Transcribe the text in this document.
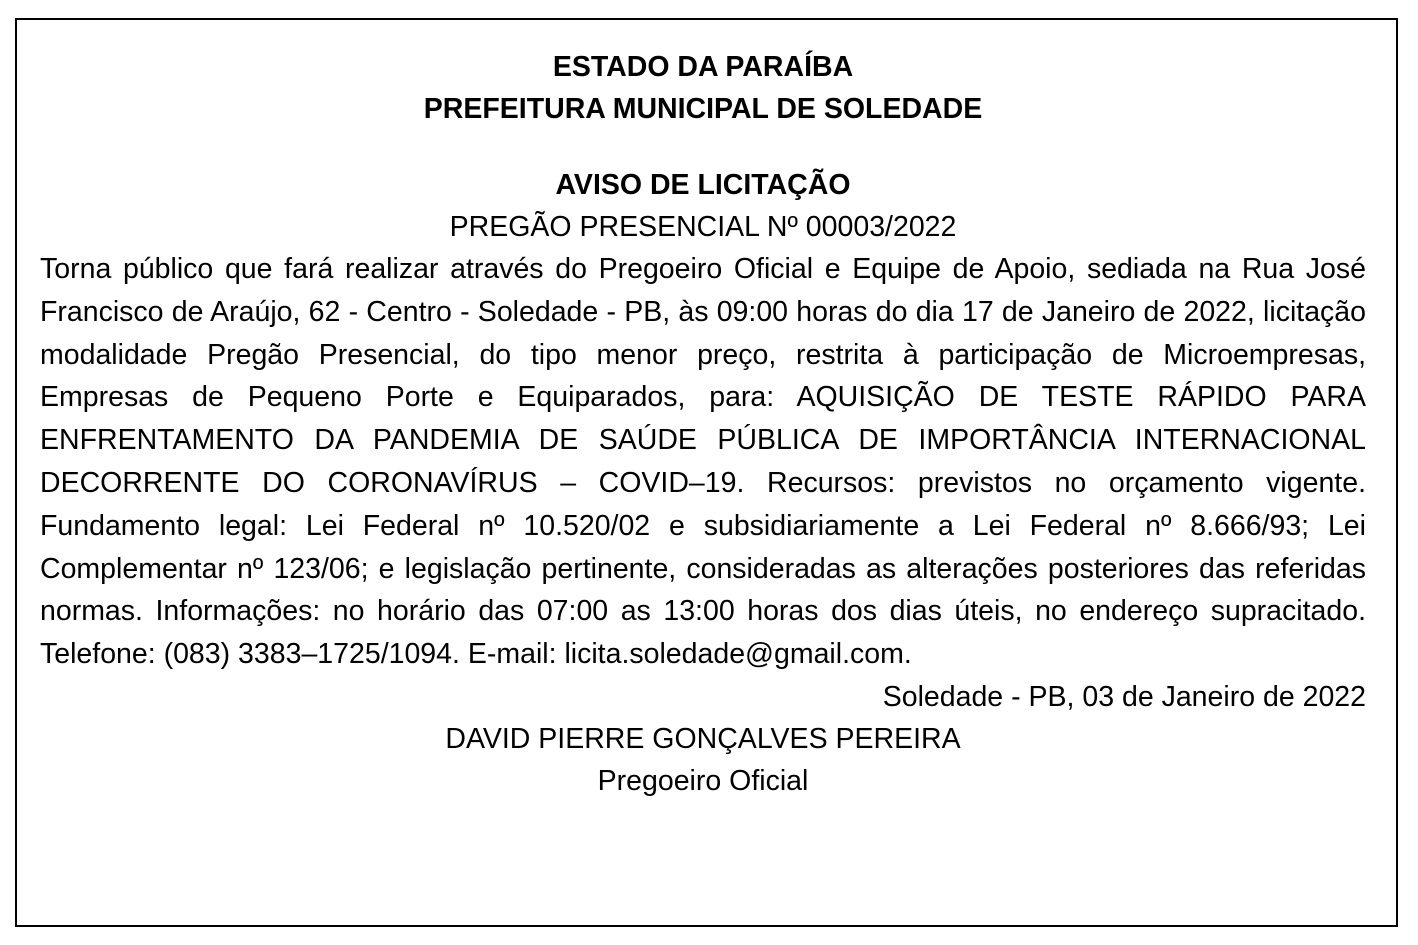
ESTADO DA PARAÍBA

PREFEITURA MUNICIPAL DE SOLEDADE

AVISO DE LICITAÇÃO

PREGÃO PRESENCIAL Nº 00003/2022

Torna público que fará realizar através do Pregoeiro Oficial e Equipe de Apoio, sediada na Rua José Francisco de Araújo, 62 - Centro - Soledade - PB, às 09:00 horas do dia 17 de Janeiro de 2022, licitação modalidade Pregão Presencial, do tipo menor preço, restrita à participação de Microempresas, Empresas de Pequeno Porte e Equiparados, para: AQUISIÇÃO DE TESTE RÁPIDO PARA ENFRENTAMENTO DA PANDEMIA DE SAÚDE PÚBLICA DE IMPORTÂNCIA INTERNACIONAL DECORRENTE DO CORONAVÍRUS – COVID–19. Recursos: previstos no orçamento vigente. Fundamento legal: Lei Federal nº 10.520/02 e subsidiariamente a Lei Federal nº 8.666/93; Lei Complementar nº 123/06; e legislação pertinente, consideradas as alterações posteriores das referidas normas. Informações: no horário das 07:00 as 13:00 horas dos dias úteis, no endereço supracitado. Telefone: (083) 3383–1725/1094. E-mail: licita.soledade@gmail.com.

Soledade - PB, 03 de Janeiro de 2022

DAVID PIERRE GONÇALVES PEREIRA

Pregoeiro Oficial
